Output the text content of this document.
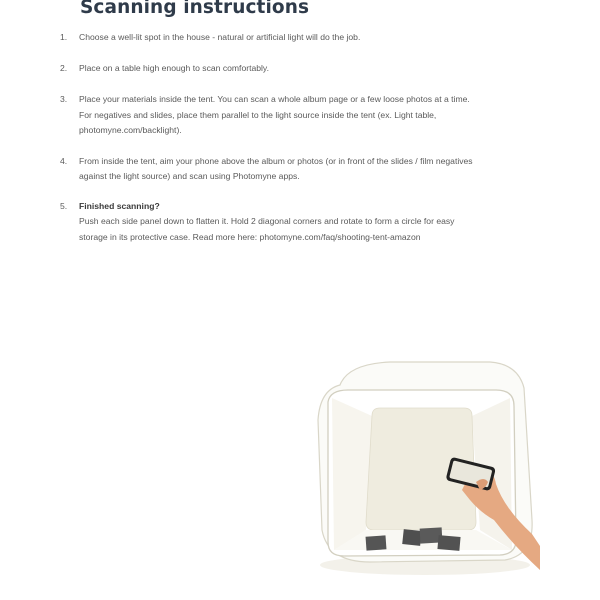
Scanning instructions
1.	Choose a well-lit spot in the house - natural or artificial light will do the job.
2.	Place on a table high enough to scan comfortably.
3.	Place your materials inside the tent. You can scan a whole album page or a few loose photos at a time. For negatives and slides, place them parallel to the light source inside the tent (ex. Light table, photomyne.com/backlight).
4.	From inside the tent, aim your phone above the album or photos (or in front of the slides / film negatives against the light source) and scan using Photomyne apps.
5.	Finished scanning?
Push each side panel down to flatten it. Hold 2 diagonal corners and rotate to form a circle for easy storage in its protective case. Read more here: photomyne.com/faq/shooting-tent-amazon
